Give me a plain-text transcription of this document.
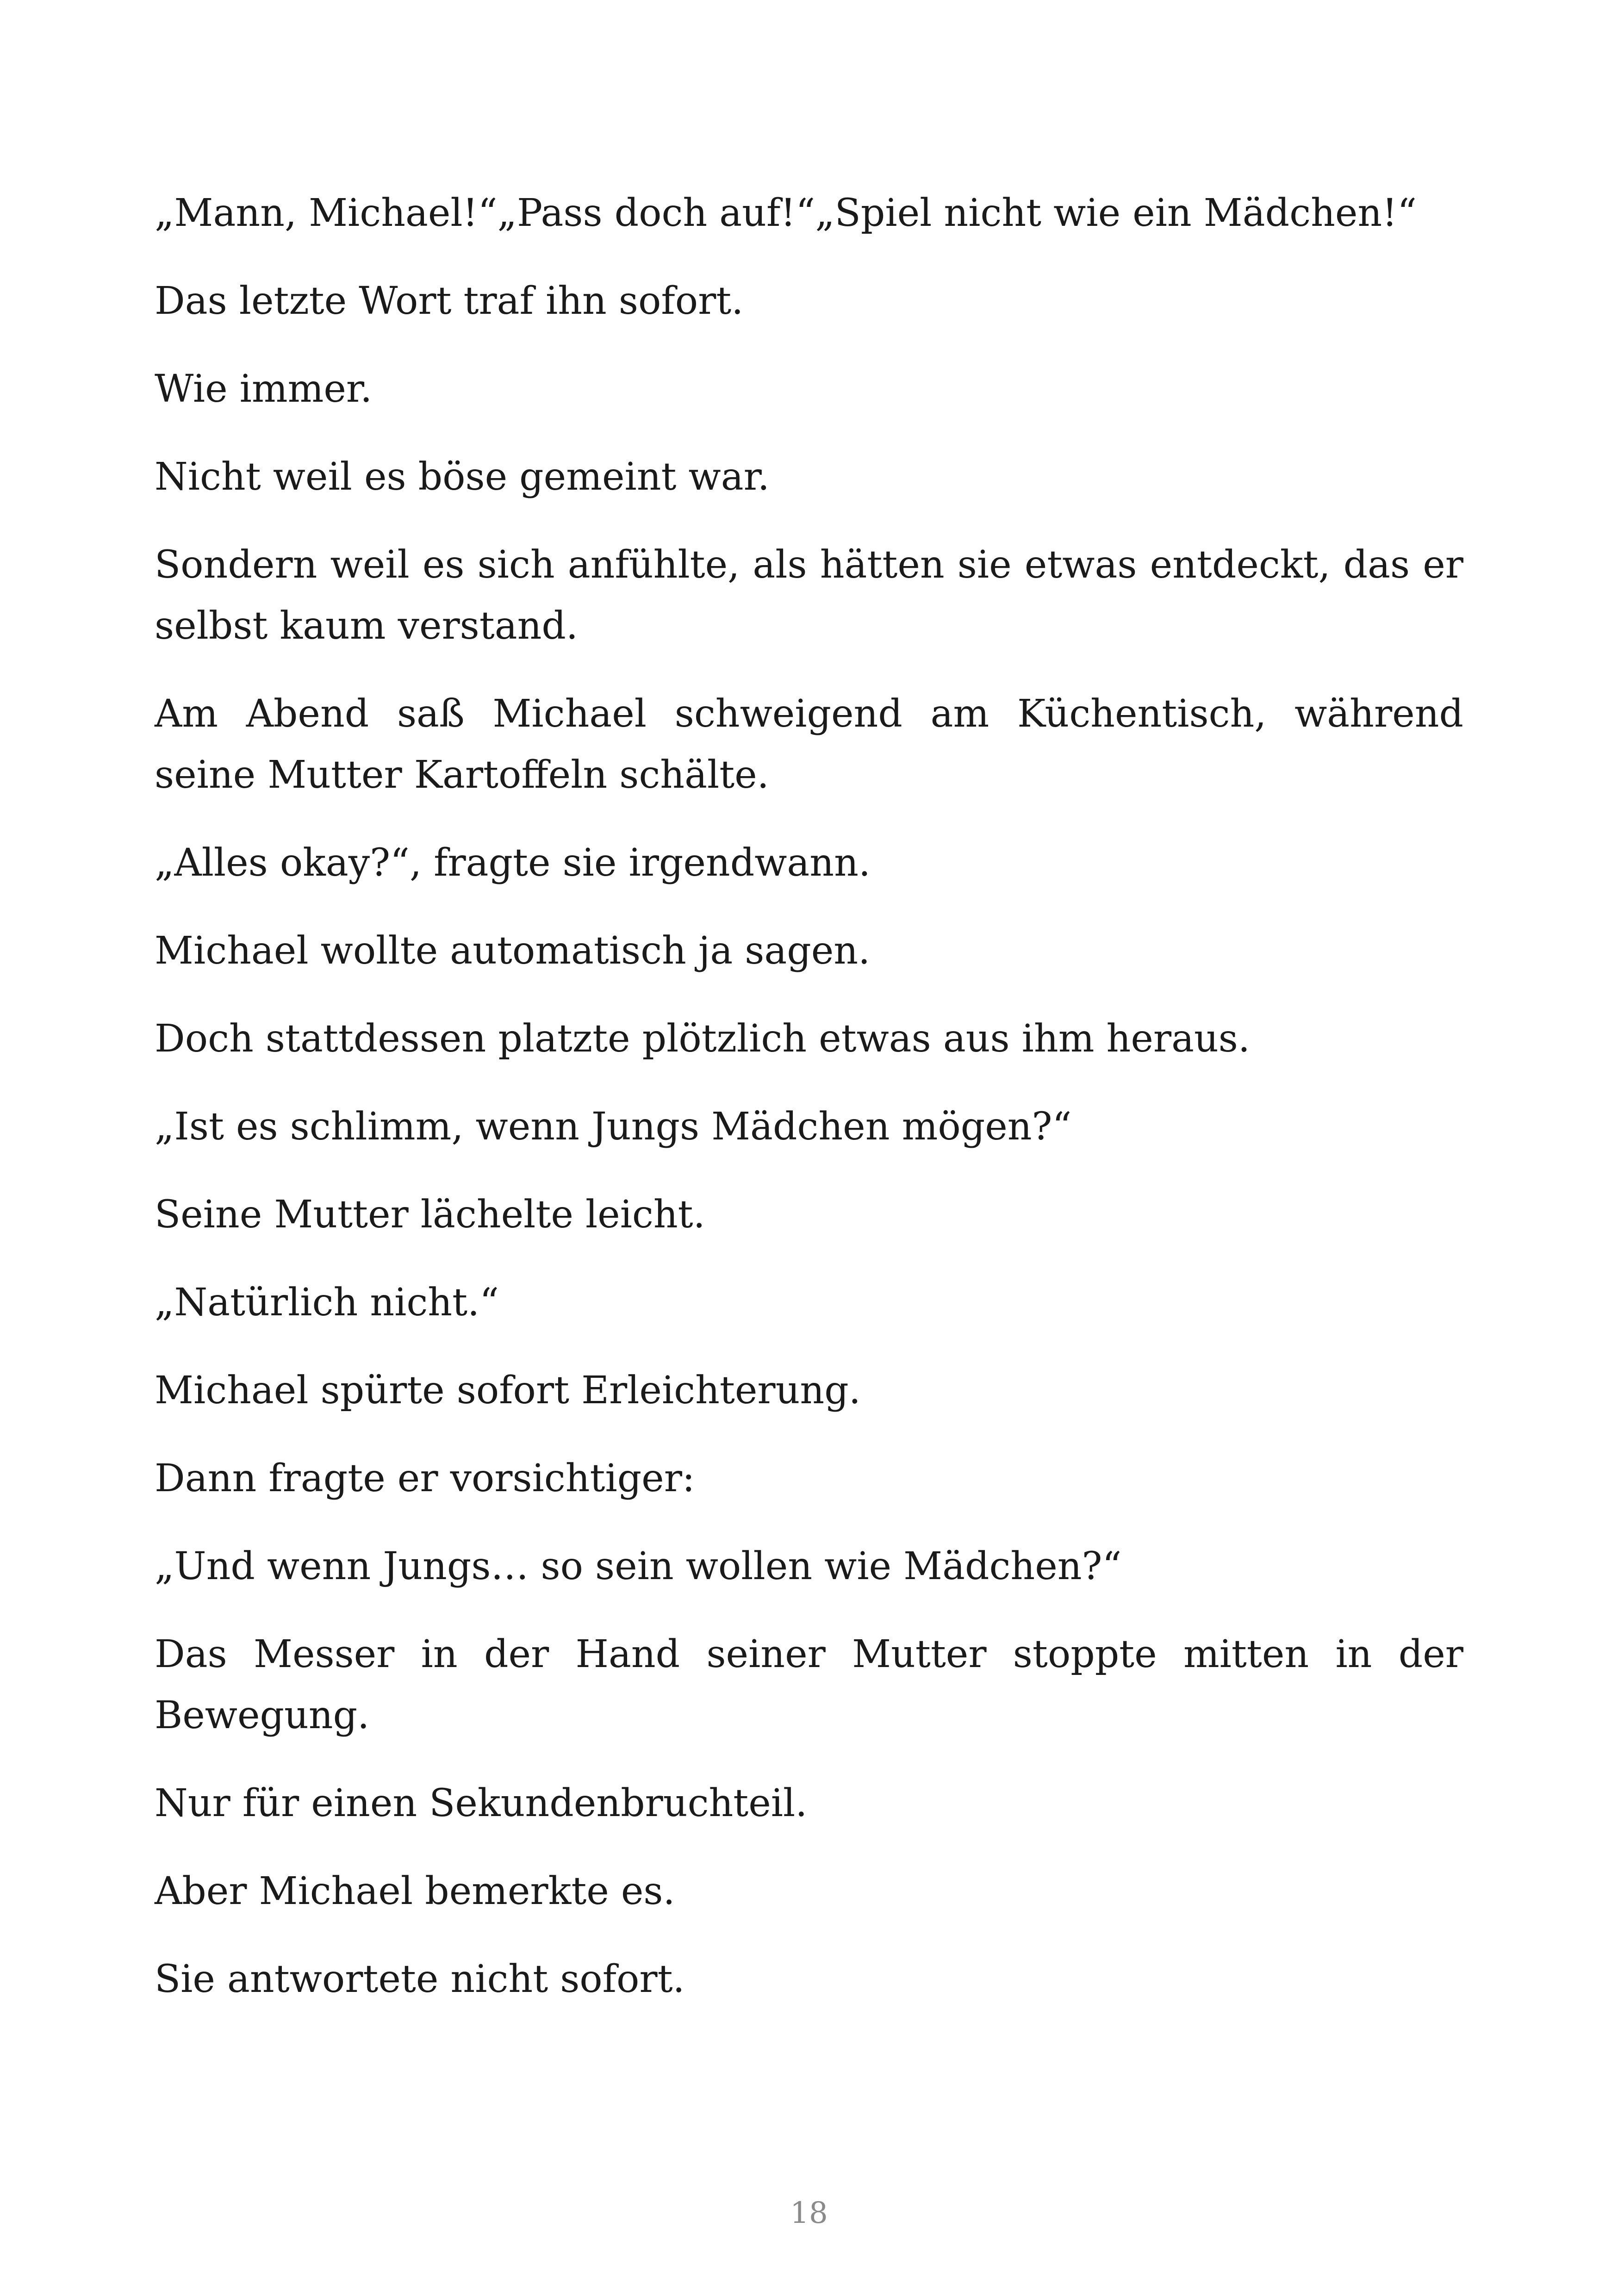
„Mann, Michael!“„Pass doch auf!“„Spiel nicht wie ein Mädchen!“

Das letzte Wort traf ihn sofort.

Wie immer.

Nicht weil es böse gemeint war.

Sondern weil es sich anfühlte, als hätten sie etwas entdeckt, das er selbst kaum verstand.

Am Abend saß Michael schweigend am Küchentisch, während seine Mutter Kartoffeln schälte.

„Alles okay?“, fragte sie irgendwann.

Michael wollte automatisch ja sagen.

Doch stattdessen platzte plötzlich etwas aus ihm heraus.

„Ist es schlimm, wenn Jungs Mädchen mögen?“

Seine Mutter lächelte leicht.

„Natürlich nicht.“

Michael spürte sofort Erleichterung.

Dann fragte er vorsichtiger:

„Und wenn Jungs… so sein wollen wie Mädchen?“

Das Messer in der Hand seiner Mutter stoppte mitten in der Bewegung.

Nur für einen Sekundenbruchteil.

Aber Michael bemerkte es.

Sie antwortete nicht sofort.

18
